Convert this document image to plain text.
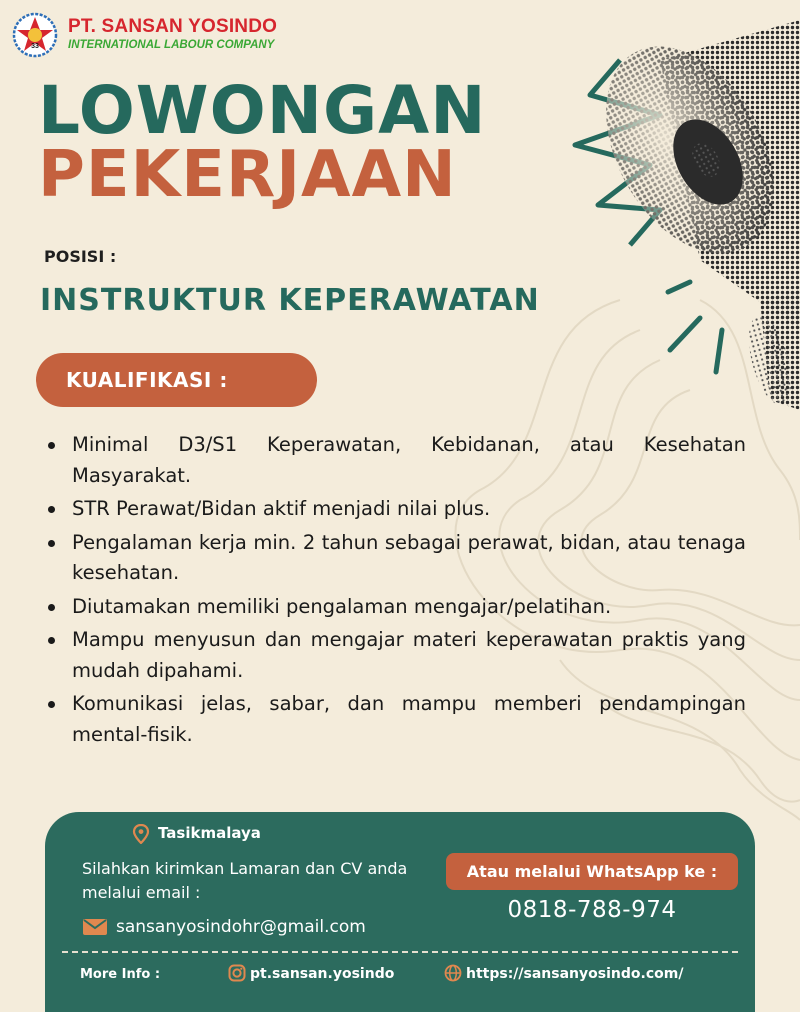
33
PT. SANSAN YOSINDO
INTERNATIONAL LABOUR COMPANY
LOWONGAN
PEKERJAAN
POSISI :
INSTRUKTUR KEPERAWATAN
KUALIFIKASI :
Minimal D3/S1 Keperawatan, Kebidanan, atau Kesehatan Masyarakat.
STR Perawat/Bidan aktif menjadi nilai plus.
Pengalaman kerja min. 2 tahun sebagai perawat, bidan, atau tenaga kesehatan.
Diutamakan memiliki pengalaman mengajar/pelatihan.
Mampu menyusun dan mengajar materi keperawatan praktis yang mudah dipahami.
Komunikasi jelas, sabar, dan mampu memberi pendampingan mental-fisik.
Tasikmalaya
Silahkan kirimkan Lamaran dan CV anda melalui email :
sansanyosindohr@gmail.com
Atau melalui WhatsApp ke :
0818-788-974
More Info :	pt.sansan.yosindo	https://sansanyosindo.com/
